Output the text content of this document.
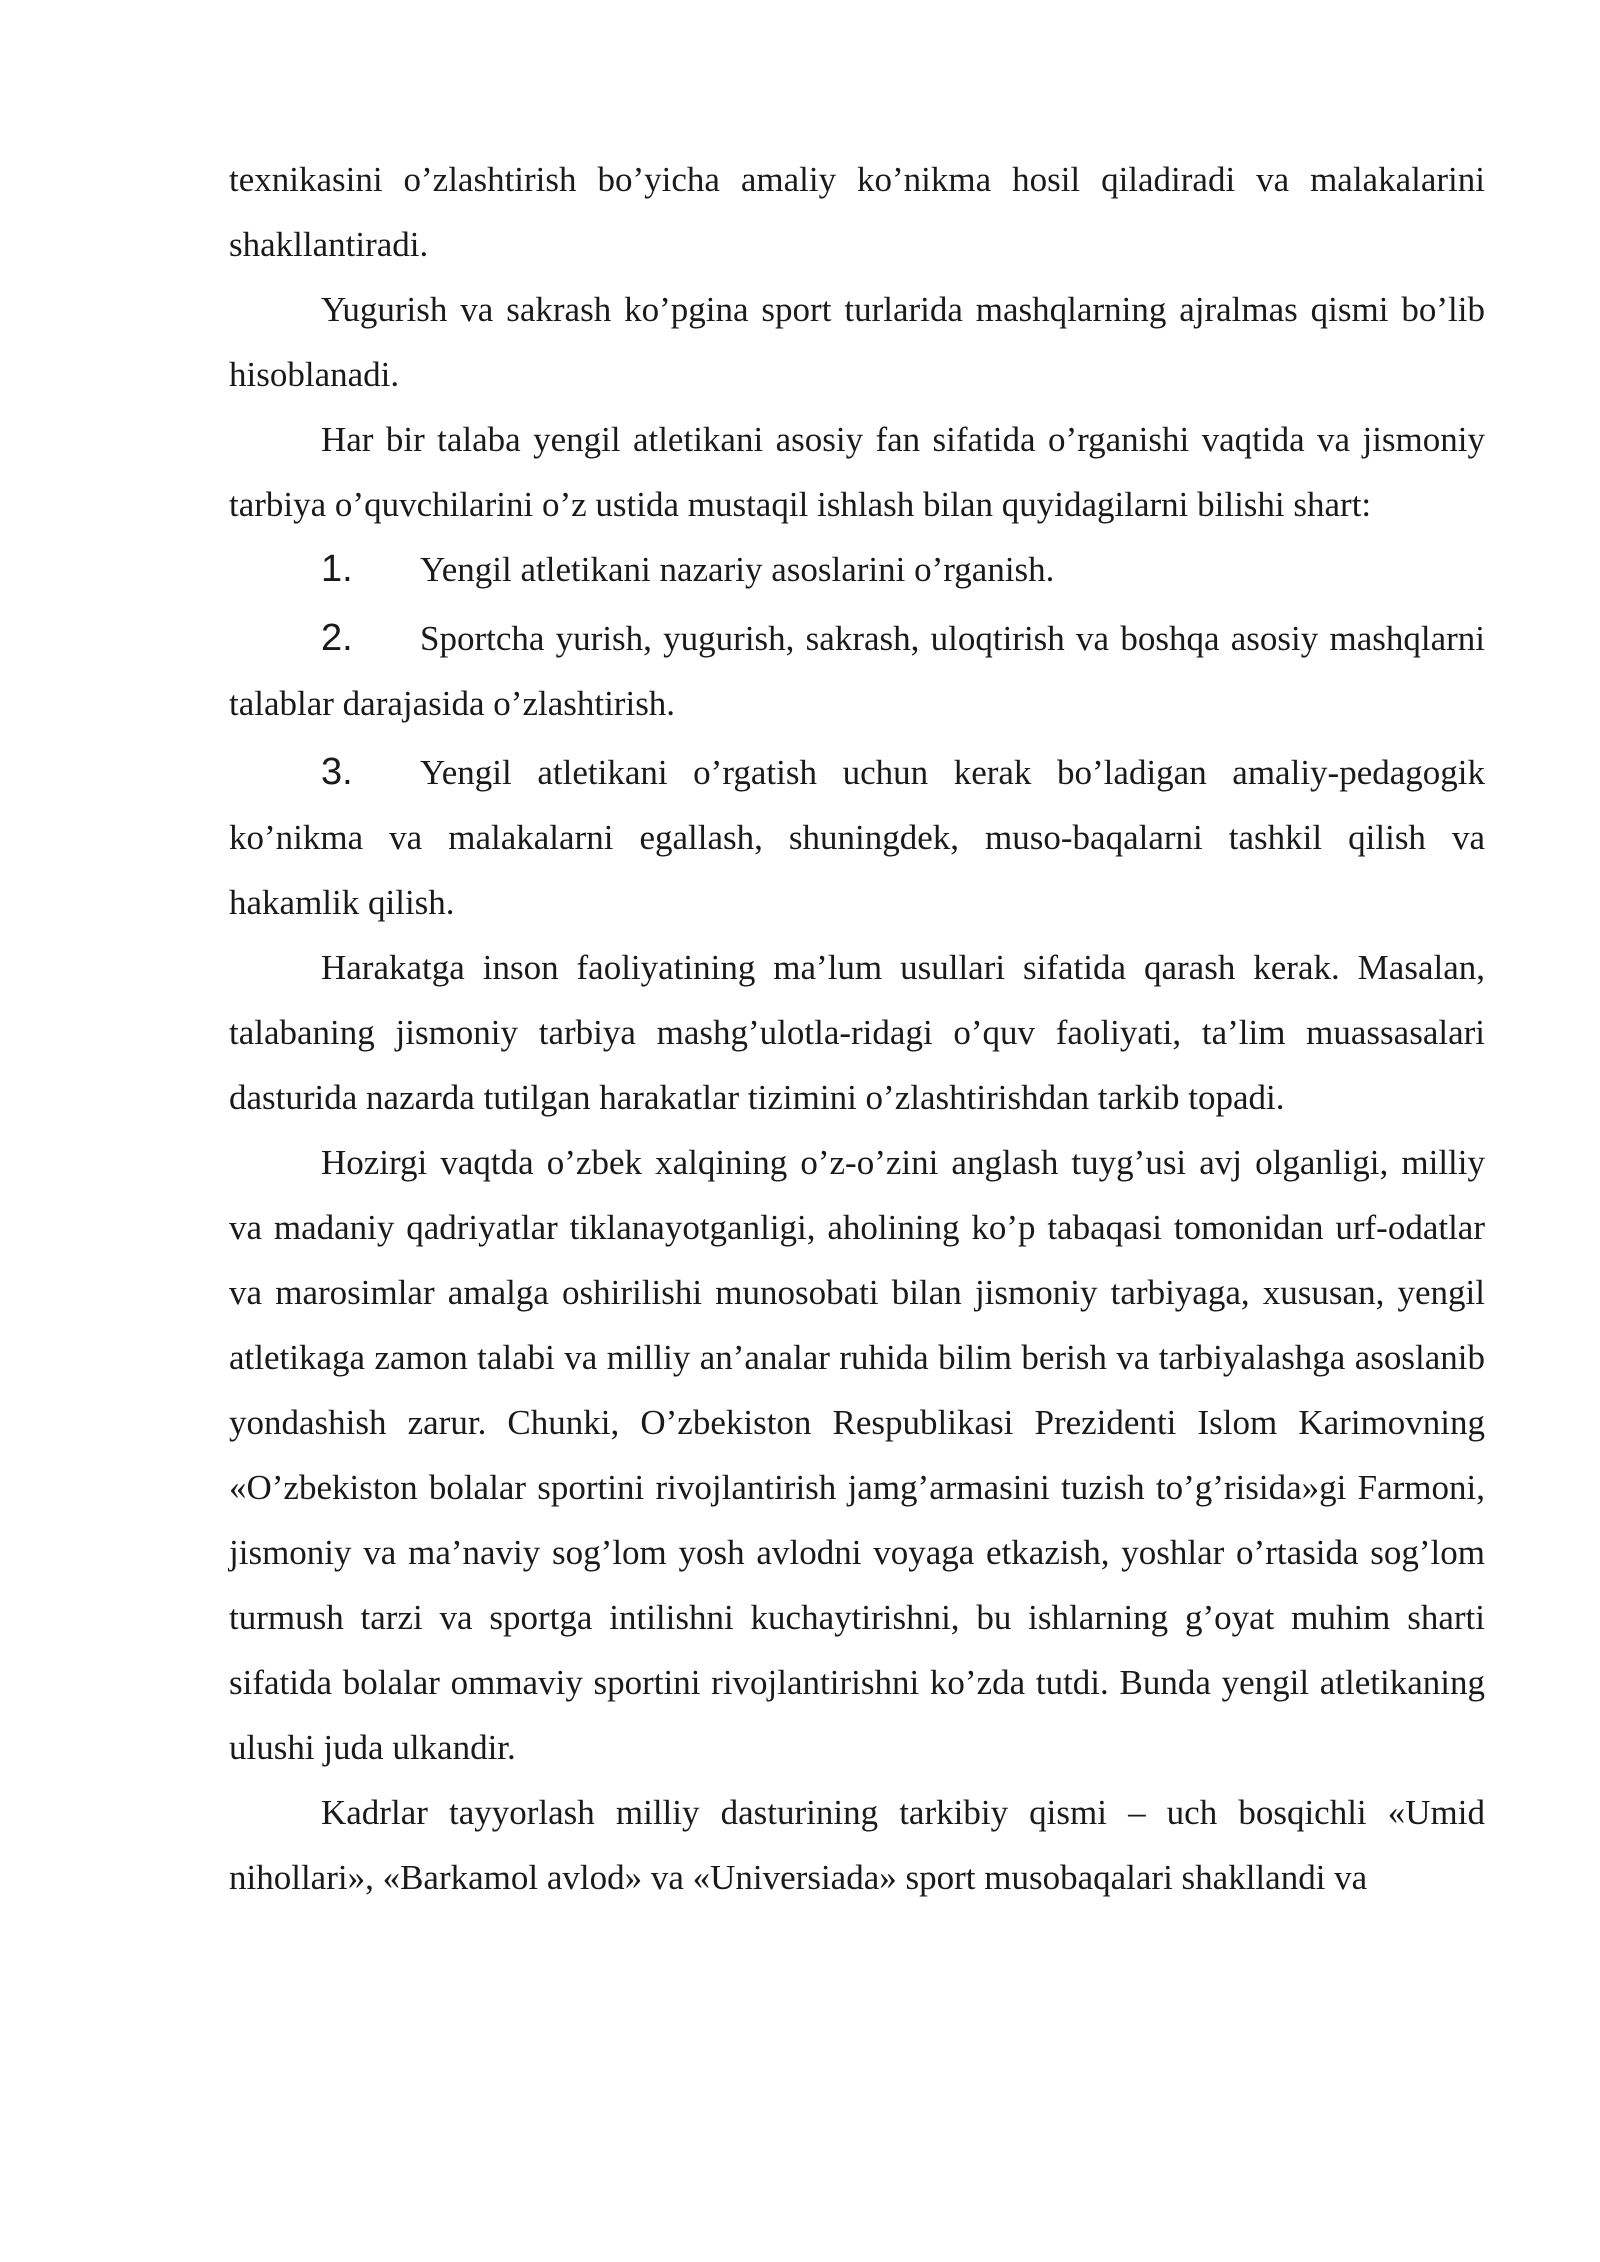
texnikasini o’zlashtirish bo’yicha amaliy ko’nikma hosil qiladiradi va malakalarini shakllantiradi.

Yugurish va sakrash ko’pgina sport turlarida mashqlarning ajralmas qismi bo’lib hisoblanadi.

Har bir talaba yengil atletikani asosiy fan sifatida o’rganishi vaqtida va jismoniy tarbiya o’quvchilarini o’z ustida mustaqil ishlash bilan quyidagilarni bilishi shart:

1. Yengil atletikani nazariy asoslarini o’rganish.
2. Sportcha yurish, yugurish, sakrash, uloqtirish va boshqa asosiy mashqlarni talablar darajasida o’zlashtirish.
3. Yengil atletikani o’rgatish uchun kerak bo’ladigan amaliy-pedagogik ko’nikma va malakalarni egallash, shuningdek, muso-baqalarni tashkil qilish va hakamlik qilish.

Harakatga inson faoliyatining ma’lum usullari sifatida qarash kerak. Masalan, talabaning jismoniy tarbiya mashg’ulotla-ridagi o’quv faoliyati, ta’lim muassasalari dasturida nazarda tutilgan harakatlar tizimini o’zlashtirishdan tarkib topadi.

Hozirgi vaqtda o’zbek xalqining o’z-o’zini anglash tuyg’usi avj olganligi, milliy va madaniy qadriyatlar tiklanayotganligi, aholining ko’p tabaqasi tomonidan urf-odatlar va marosimlar amalga oshirilishi munosobati bilan jismoniy tarbiyaga, xususan, yengil atletikaga zamon talabi va milliy an’analar ruhida bilim berish va tarbiyalashga asoslanib yondashish zarur. Chunki, O’zbekiston Respublikasi Prezidenti Islom Karimovning «O’zbekiston bolalar sportini rivojlantirish jamg’armasini tuzish to’g’risida»gi Farmoni, jismoniy va ma’naviy sog’lom yosh avlodni voyaga etkazish, yoshlar o’rtasida sog’lom turmush tarzi va sportga intilishni kuchaytirishni, bu ishlarning g’oyat muhim sharti sifatida bolalar ommaviy sportini rivojlantirishni ko’zda tutdi. Bunda yengil atletikaning ulushi juda ulkandir.

Kadrlar tayyorlash milliy dasturining tarkibiy qismi – uch bosqichli «Umid nihollari», «Barkamol avlod» va «Universiada» sport musobaqalari shakllandi va
